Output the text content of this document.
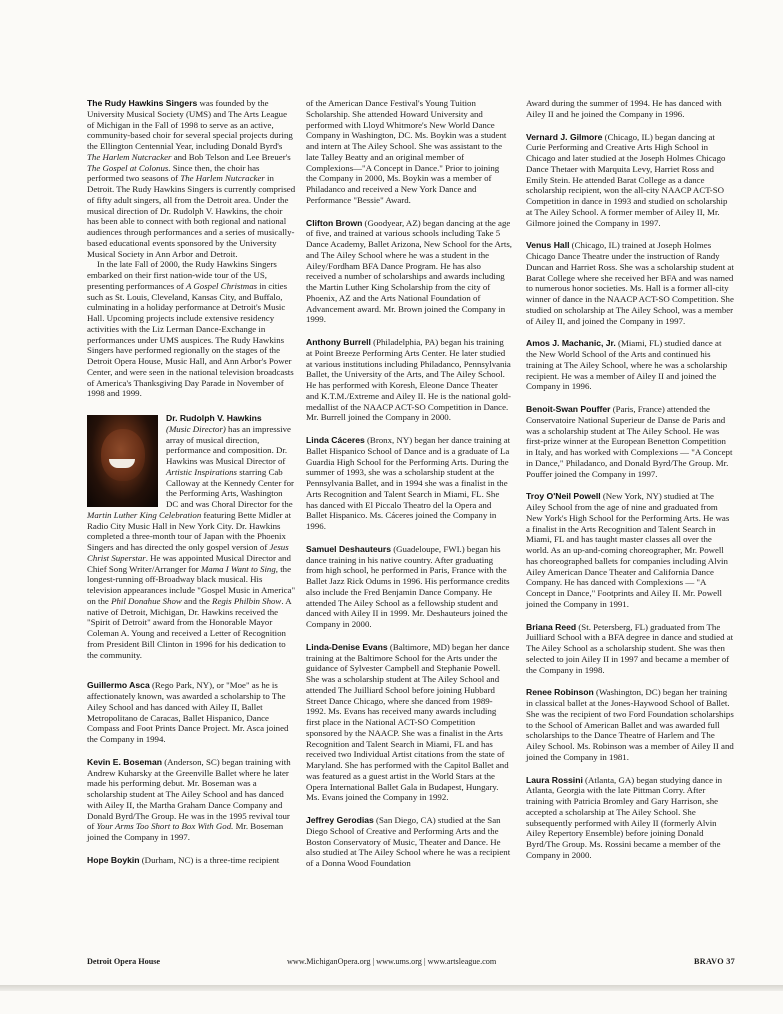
The Rudy Hawkins Singers was founded by the University Musical Society (UMS) and The Arts League of Michigan in the Fall of 1998 to serve as an active, community-based choir for several special projects during the Ellington Centennial Year, including Donald Byrd's The Harlem Nutcracker and Bob Telson and Lee Breuer's The Gospel at Colonus. Since then, the choir has performed two seasons of The Harlem Nutcracker in Detroit. The Rudy Hawkins Singers is currently comprised of fifty adult singers, all from the Detroit area. Under the musical direction of Dr. Rudolph V. Hawkins, the choir has been able to connect with both regional and national audiences through performances and a series of musically-based educational events sponsored by the University Musical Society in Ann Arbor and Detroit.
In the late Fall of 2000, the Rudy Hawkins Singers embarked on their first nation-wide tour of the US, presenting performances of A Gospel Christmas in cities such as St. Louis, Cleveland, Kansas City, and Buffalo, culminating in a holiday performance at Detroit's Music Hall. Upcoming projects include extensive residency activities with the Liz Lerman Dance-Exchange in performances under UMS auspices. The Rudy Hawkins Singers have performed regionally on the stages of the Detroit Opera House, Music Hall, and Ann Arbor's Power Center, and were seen in the national television broadcasts of America's Thanksgiving Day Parade in November of 1998 and 1999.

Dr. Rudolph V. Hawkins
(Music Director) has an impressive array of musical direction, performance and composition. Dr. Hawkins was Musical Director of Artistic Inspirations starring Cab Calloway at the Kennedy Center for the Performing Arts, Washington DC and was Choral Director for the Martin Luther King Celebration featuring Bette Midler at Radio City Music Hall in New York City. Dr. Hawkins completed a three-month tour of Japan with the Phoenix Singers and has directed the only gospel version of Jesus Christ Superstar. He was appointed Musical Director and Chief Song Writer/Arranger for Mama I Want to Sing, the longest-running off-Broadway black musical. His television appearances include "Gospel Music in America" on the Phil Donahue Show and the Regis Philbin Show. A native of Detroit, Michigan, Dr. Hawkins received the "Spirit of Detroit" award from the Honorable Mayor Coleman A. Young and received a Letter of Recognition from President Bill Clinton in 1996 for his dedication to the community.

Guillermo Asca (Rego Park, NY), or "Moe" as he is affectionately known, was awarded a scholarship to The Ailey School and has danced with Ailey II, Ballet Metropolitano de Caracas, Ballet Hispanico, Dance Compass and Foot Prints Dance Project. Mr. Asca joined the Company in 1994.

Kevin E. Boseman (Anderson, SC) began training with Andrew Kuharsky at the Greenville Ballet where he later made his performing debut. Mr. Boseman was a scholarship student at The Ailey School and has danced with Ailey II, the Martha Graham Dance Company and Donald Byrd/The Group. He was in the 1995 revival tour of Your Arms Too Short to Box With God. Mr. Boseman joined the Company in 1997.

Hope Boykin (Durham, NC) is a three-time recipient

of the American Dance Festival's Young Tuition Scholarship. She attended Howard University and performed with Lloyd Whitmore's New World Dance Company in Washington, DC. Ms. Boykin was a student and intern at The Ailey School. She was assistant to the late Talley Beatty and an original member of Complexions—"A Concept in Dance." Prior to joining the Company in 2000, Ms. Boykin was a member of Philadanco and received a New York Dance and Performance "Bessie" Award.

Clifton Brown (Goodyear, AZ) began dancing at the age of five, and trained at various schools including Take 5 Dance Academy, Ballet Arizona, New School for the Arts, and The Ailey School where he was a student in the Ailey/Fordham BFA Dance Program. He has also received a number of scholarships and awards including the Martin Luther King Scholarship from the city of Phoenix, AZ and the Arts National Foundation of Advancement award. Mr. Brown joined the Company in 1999.

Anthony Burrell (Philadelphia, PA) began his training at Point Breeze Performing Arts Center. He later studied at various institutions including Philadanco, Pennsylvania Ballet, the University of the Arts, and The Ailey School. He has performed with Koresh, Eleone Dance Theater and K.T.M./Extreme and Ailey II. He is the national gold-medallist of the NAACP ACT-SO Competition in Dance. Mr. Burrell joined the Company in 2000.

Linda Cáceres (Bronx, NY) began her dance training at Ballet Hispanico School of Dance and is a graduate of La Guardia High School for the Performing Arts. During the summer of 1993, she was a scholarship student at the Pennsylvania Ballet, and in 1994 she was a finalist in the Arts Recognition and Talent Search in Miami, FL. She has danced with El Piccalo Theatro del la Opera and Ballet Hispanico. Ms. Cáceres joined the Company in 1996.

Samuel Deshauteurs (Guadeloupe, FWI.) began his dance training in his native country. After graduating from high school, he performed in Paris, France with the Ballet Jazz Rick Odums in 1996. His performance credits also include the Fred Benjamin Dance Company. He attended The Ailey School as a fellowship student and danced with Ailey II in 1999. Mr. Deshauteurs joined the Company in 2000.

Linda-Denise Evans (Baltimore, MD) began her dance training at the Baltimore School for the Arts under the guidance of Sylvester Campbell and Stephanie Powell. She was a scholarship student at The Ailey School and attended The Juilliard School before joining Hubbard Street Dance Chicago, where she danced from 1989-1992. Ms. Evans has received many awards including first place in the National ACT-SO Competition sponsored by the NAACP. She was a finalist in the Arts Recognition and Talent Search in Miami, FL and has received two Individual Artist citations from the state of Maryland. She has performed with the Capitol Ballet and was featured as a guest artist in the World Stars at the Opera International Ballet Gala in Budapest, Hungary. Ms. Evans joined the Company in 1992.

Jeffrey Gerodias (San Diego, CA) studied at the San Diego School of Creative and Performing Arts and the Boston Conservatory of Music, Theater and Dance. He also studied at The Ailey School where he was a recipient of a Donna Wood Foundation

Award during the summer of 1994. He has danced with Ailey II and he joined the Company in 1996.

Vernard J. Gilmore (Chicago, IL) began dancing at Curie Performing and Creative Arts High School in Chicago and later studied at the Joseph Holmes Chicago Dance Thetaer with Marquita Levy, Harriet Ross and Emily Stein. He attended Barat College as a dance scholarship recipient, won the all-city NAACP ACT-SO Competition in dance in 1993 and studied on scholarship at The Ailey School. A former member of Ailey II, Mr. Gilmore joined the Company in 1997.

Venus Hall (Chicago, IL) trained at Joseph Holmes Chicago Dance Theatre under the instruction of Randy Duncan and Harriet Ross. She was a scholarship student at Barat College where she received her BFA and was named to numerous honor societies. Ms. Hall is a former all-city winner of dance in the NAACP ACT-SO Competition. She studied on scholarship at The Ailey School, was a member of Ailey II, and joined the Company in 1997.

Amos J. Machanic, Jr. (Miami, FL) studied dance at the New World School of the Arts and continued his training at The Ailey School, where he was a scholarship recipient. He was a member of Ailey II and joined the Company in 1996.

Benoit-Swan Pouffer (Paris, France) attended the Conservatoire National Superieur de Danse de Paris and was a scholarship student at The Ailey School. He was first-prize winner at the European Benetton Competition in Italy, and has worked with Complexions — "A Concept in Dance," Philadanco, and Donald Byrd/The Group. Mr. Pouffer joined the Company in 1997.

Troy O'Neil Powell (New York, NY) studied at The Ailey School from the age of nine and graduated from New York's High School for the Performing Arts. He was a finalist in the Arts Recognition and Talent Search in Miami, FL and has taught master classes all over the world. As an up-and-coming choreographer, Mr. Powell has choreographed ballets for companies including Alvin Ailey American Dance Theater and California Dance Company. He has danced with Complexions — "A Concept in Dance," Footprints and Ailey II. Mr. Powell joined the Company in 1991.

Briana Reed (St. Petersberg, FL) graduated from The Juilliard School with a BFA degree in dance and studied at The Ailey School as a scholarship student. She was then selected to join Ailey II in 1997 and became a member of the Company in 1998.

Renee Robinson (Washington, DC) began her training in classical ballet at the Jones-Haywood School of Ballet. She was the recipient of two Ford Foundation scholarships to the School of American Ballet and was awarded full scholarships to the Dance Theatre of Harlem and The Ailey School. Ms. Robinson was a member of Ailey II and joined the Company in 1981.

Laura Rossini (Atlanta, GA) began studying dance in Atlanta, Georgia with the late Pittman Corry. After training with Patricia Bromley and Gary Harrison, she accepted a scholarship at The Ailey School. She subsequently performed with Ailey II (formerly Alvin Ailey Repertory Ensemble) before joining Donald Byrd/The Group. Ms. Rossini became a member of the Company in 2000.

Detroit Opera House	www.MichiganOpera.org | www.ums.org | www.artsleague.com	BRAVO 37
